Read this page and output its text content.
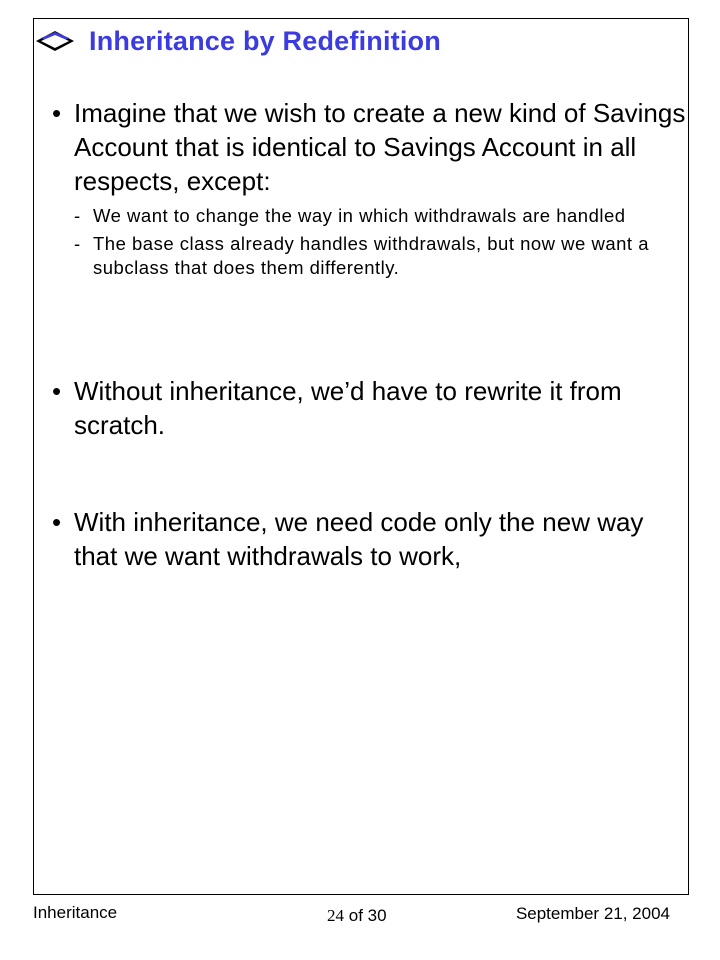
Inheritance by Redefinition
• Imagine that we wish to create a new kind of Savings Account that is identical to Savings Account in all respects, except:
- We want to change the way in which withdrawals are handled
- The base class already handles withdrawals, but now we want a subclass that does them differently.
• Without inheritance, we’d have to rewrite it from scratch.
• With inheritance, we need code only the new way that we want withdrawals to work,
Inheritance	24 of 30	September 21, 2004
